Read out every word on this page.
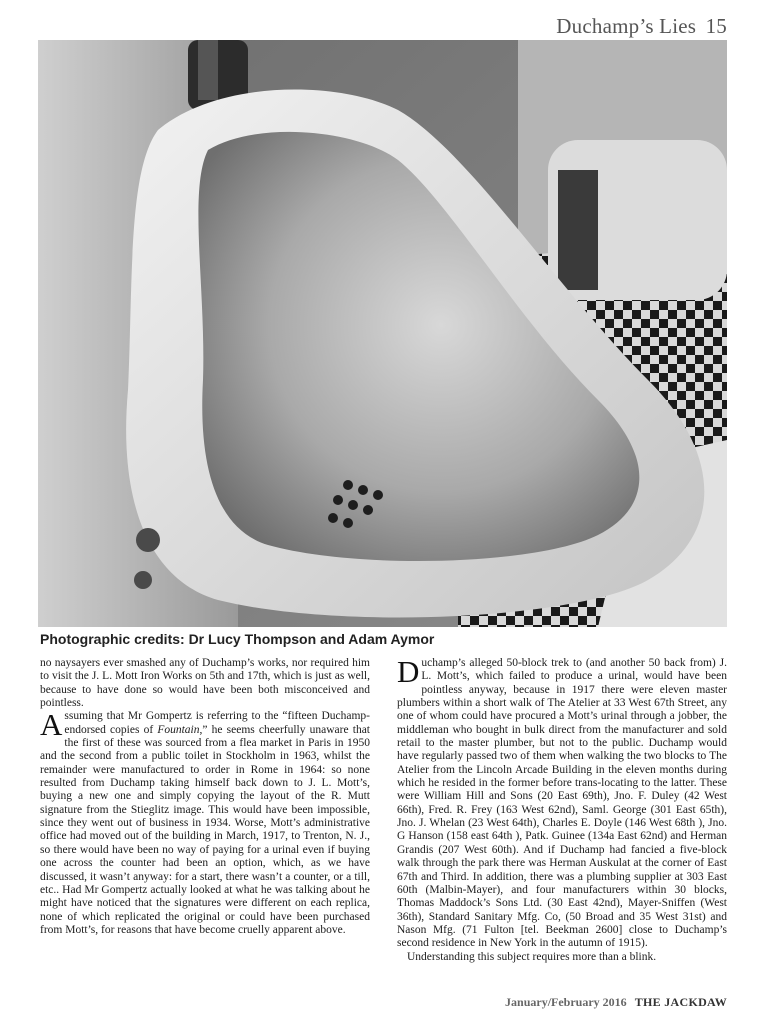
Duchamp’s Lies 15
Photographic credits: Dr Lucy Thompson and Adam Aymor

no naysayers ever smashed any of Duchamp’s works, nor required him to visit the J. L. Mott Iron Works on 5th and 17th, which is just as well, because to have done so would have been both misconceived and pointless.

Assuming that Mr Gompertz is referring to the “fifteen Duchamp-endorsed copies of Fountain,” he seems cheerfully unaware that the first of these was sourced from a flea market in Paris in 1950 and the second from a public toilet in Stockholm in 1963, whilst the remainder were manufactured to order in Rome in 1964: so none resulted from Duchamp taking himself back down to J. L. Mott’s, buying a new one and simply copying the layout of the R. Mutt signature from the Stieglitz image. This would have been impossible, since they went out of business in 1934. Worse, Mott’s administrative office had moved out of the building in March, 1917, to Trenton, N. J., so there would have been no way of paying for a urinal even if buying one across the counter had been an option, which, as we have discussed, it wasn’t anyway: for a start, there wasn’t a counter, or a till, etc.. Had Mr Gompertz actually looked at what he was talking about he might have noticed that the signatures were different on each replica, none of which replicated the original or could have been purchased from Mott’s, for reasons that have become cruelly apparent above.

Duchamp’s alleged 50-block trek to (and another 50 back from) J. L. Mott’s, which failed to produce a urinal, would have been pointless anyway, because in 1917 there were eleven master plumbers within a short walk of The Atelier at 33 West 67th Street, any one of whom could have procured a Mott’s urinal through a jobber, the middleman who bought in bulk direct from the manufacturer and sold retail to the master plumber, but not to the public. Duchamp would have regularly passed two of them when walking the two blocks to The Atelier from the Lincoln Arcade Building in the eleven months during which he resided in the former before trans-locating to the latter. These were William Hill and Sons (20 East 69th), Jno. F. Duley (42 West 66th), Fred. R. Frey (163 West 62nd), Saml. George (301 East 65th), Jno. J. Whelan (23 West 64th), Charles E. Doyle (146 West 68th ), Jno. G Hanson (158 east 64th ), Patk. Guinee (134a East 62nd) and Herman Grandis (207 West 60th). And if Duchamp had fancied a five-block walk through the park there was Herman Auskulat at the corner of East 67th and Third. In addition, there was a plumbing supplier at 303 East 60th (Malbin-Mayer), and four manufacturers within 30 blocks, Thomas Maddock’s Sons Ltd. (30 East 42nd), Mayer-Sniffen (West 36th), Standard Sanitary Mfg. Co, (50 Broad and 35 West 31st) and Nason Mfg. (71 Fulton [tel. Beekman 2600] close to Duchamp’s second residence in New York in the autumn of 1915).

Understanding this subject requires more than a blink.

January/February 2016 THE JACKDAW
